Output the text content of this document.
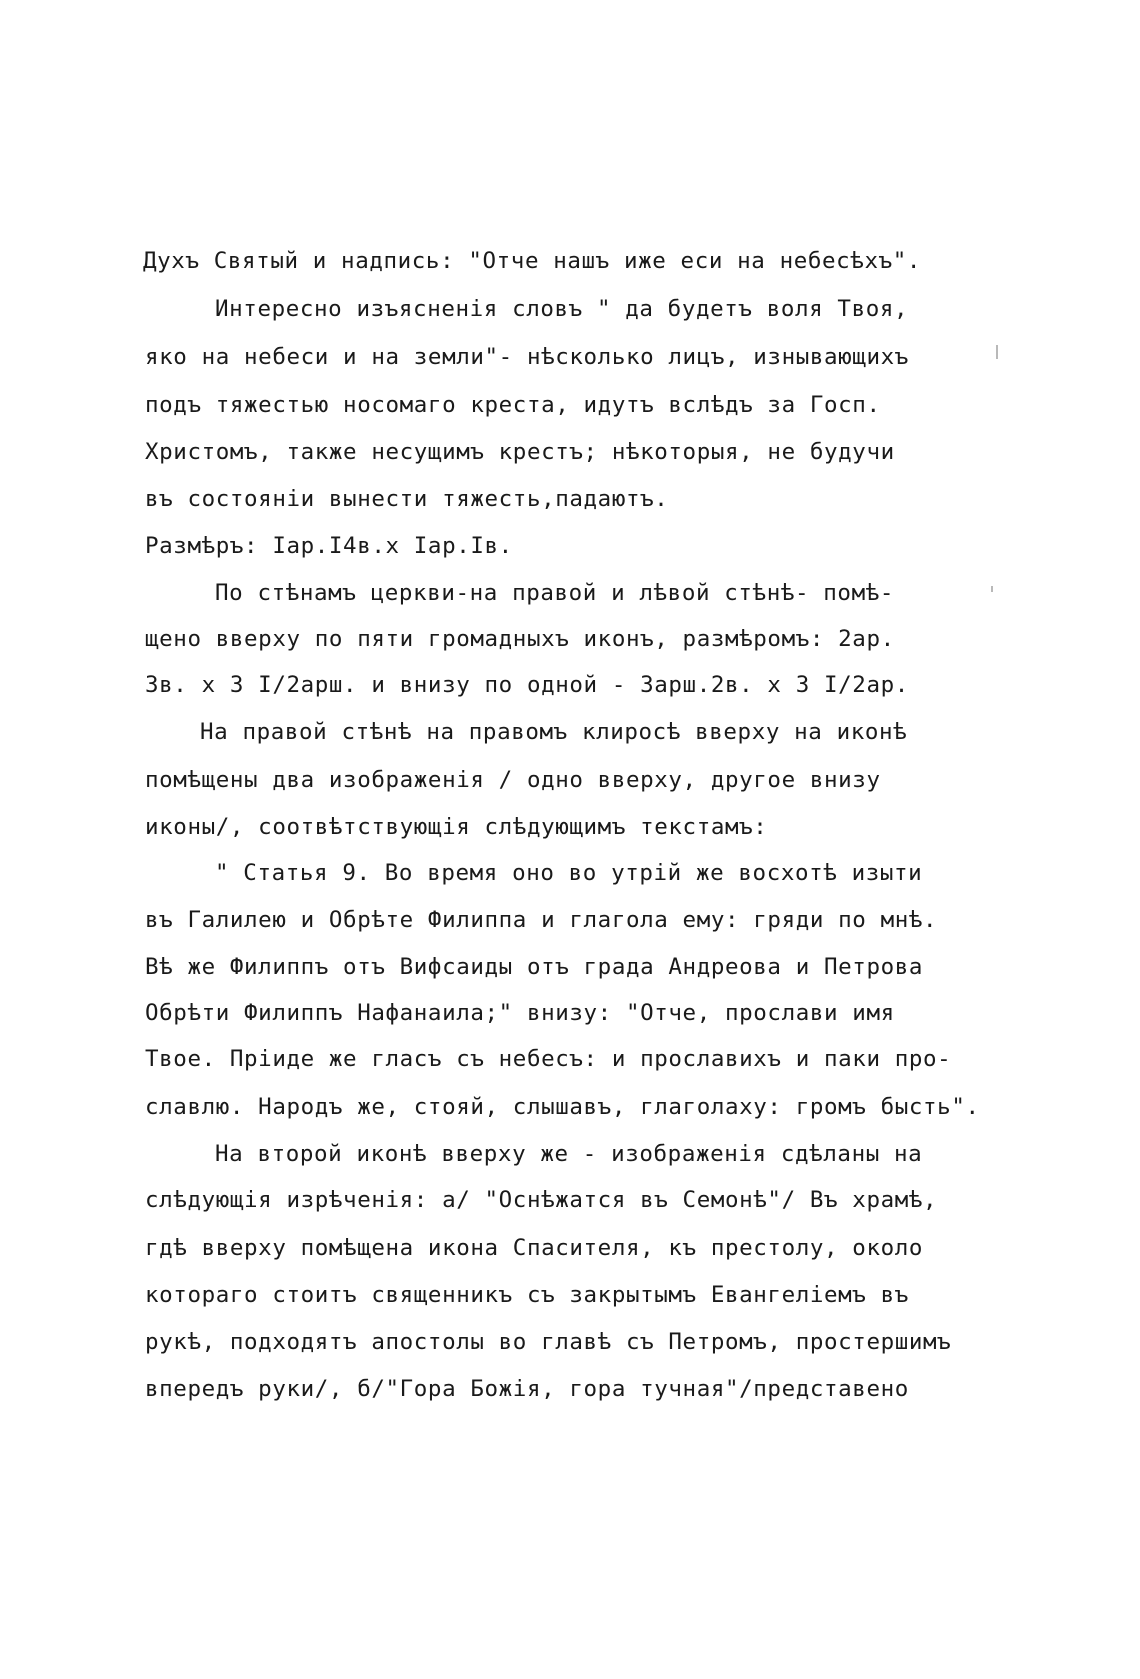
Духъ Святый и надпись: "Отче нашъ иже еси на небесѣхъ".
Интересно изъясненія словъ " да будетъ воля Твоя,
яко на небеси и на земли"- нѣсколько лицъ, изнывающихъ
подъ тяжестью носомаго креста, идутъ вслѣдъ за Госп.
Христомъ, также несущимъ крестъ; нѣкоторыя, не будучи
въ состояніи вынести тяжесть,падаютъ.
Размѣръ: Iар.I4в.x Iар.Iв.
По стѣнамъ церкви-на правой и лѣвой стѣнѣ- помѣ-
щено вверху по пяти громадныхъ иконъ, размѣромъ: 2ар.
3в. x 3 I/2арш. и внизу по одной - 3арш.2в. x 3 I/2ар.
На правой стѣнѣ на правомъ клиросѣ вверху на иконѣ
помѣщены два изображенія / одно вверху, другое внизу
иконы/, соотвѣтствующія слѣдующимъ текстамъ:
" Статья 9. Во время оно во утрій же восхотѣ изыти
въ Галилею и Обрѣте Филиппа и глагола ему: гряди по мнѣ.
Вѣ же Филиппъ отъ Вифсаиды отъ града Андреова и Петрова
Обрѣти Филиппъ Нафанаила;" внизу: "Отче, прослави имя
Твое. Пріиде же гласъ съ небесъ: и прославихъ и паки про-
славлю. Народъ же, стояй, слышавъ, глаголаху: громъ бысть".
На второй иконѣ вверху же - изображенія сдѣланы на
слѣдующія изрѣченія: а/ "Оснѣжатся въ Семонѣ"/ Въ храмѣ,
гдѣ вверху помѣщена икона Спасителя, къ престолу, около
котораго стоитъ священникъ съ закрытымъ Евангеліемъ въ
рукѣ, подходятъ апостолы во главѣ съ Петромъ, простершимъ
впередъ руки/, б/"Гора Божія, гора тучная"/представено
